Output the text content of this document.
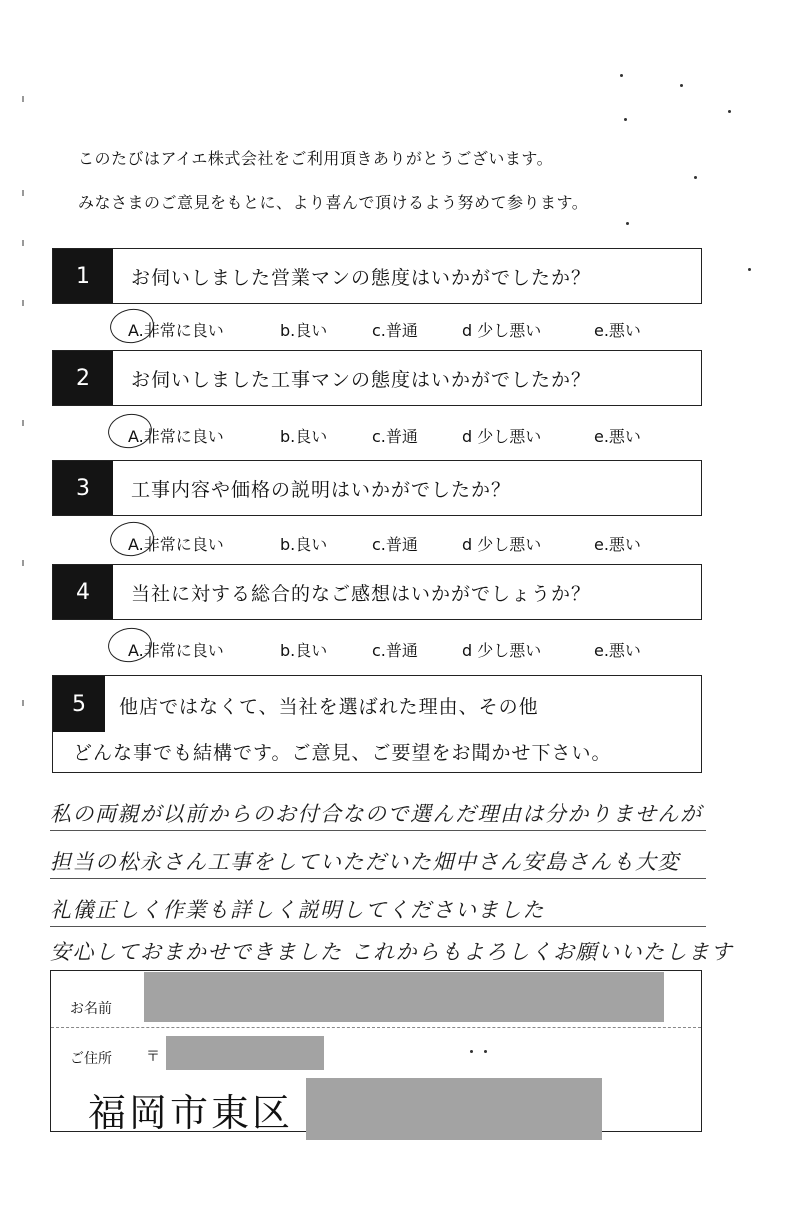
このたびはアイエ株式会社をご利用頂きありがとうございます。
みなさまのご意見をもとに、より喜んで頂けるよう努めて参ります。
1	お伺いしました営業マンの態度はいかがでしたか？
A.非常に良い	b.良い	c.普通	d 少し悪い	e.悪い
2	お伺いしました工事マンの態度はいかがでしたか？
A.非常に良い	b.良い	c.普通	d 少し悪い	e.悪い
3	工事内容や価格の説明はいかがでしたか？
A.非常に良い	b.良い	c.普通	d 少し悪い	e.悪い
4	当社に対する総合的なご感想はいかがでしょうか？
A.非常に良い	b.良い	c.普通	d 少し悪い	e.悪い
5	他店ではなくて、当社を選ばれた理由、その他
どんな事でも結構です。ご意見、ご要望をお聞かせ下さい。
私の両親が以前からのお付合なので選んだ理由は分かりませんが
担当の松永さん工事をしていただいた畑中さん安島さんも大変
礼儀正しく作業も詳しく説明してくださいました
安心しておまかせできました これからもよろしくお願いいたします
お名前
ご住所 〒
福岡市東区
